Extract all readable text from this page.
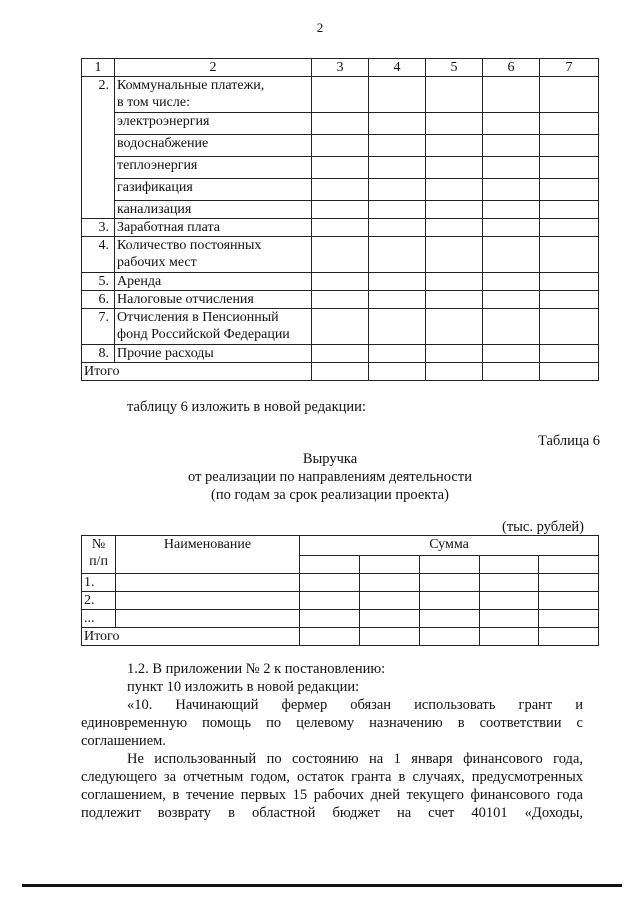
2
1	2	3	4	5	6	7
2.	Коммунальные платежи,
в том числе:					
	электроэнергия					
	водоснабжение					
	теплоэнергия					
	газификация					
	канализация					
3.	Заработная плата					
4.	Количество постоянных
рабочих мест					
5.	Аренда					
6.	Налоговые отчисления					
7.	Отчисления в Пенсионный
фонд Российской Федерации					
8.	Прочие расходы					
Итого						
таблицу 6 изложить в новой редакции:
Таблица 6
Выручка
от реализации по направлениям деятельности
(по годам за срок реализации проекта)
(тыс. рублей)
№
п/п	Наименование	Сумма				

1.						
2.						
...						
Итого						
1.2. В приложении № 2 к постановлению:
пункт 10 изложить в новой редакции:
«10. Начинающий фермер обязан использовать грант и
единовременную помощь по целевому назначению в соответствии с
соглашением.
Не использованный по состоянию на 1 января финансового года,
следующего за отчетным годом, остаток гранта в случаях, предусмотренных
соглашением, в течение первых 15 рабочих дней текущего финансового года
подлежит возврату в областной бюджет на счет 40101 «Доходы,
